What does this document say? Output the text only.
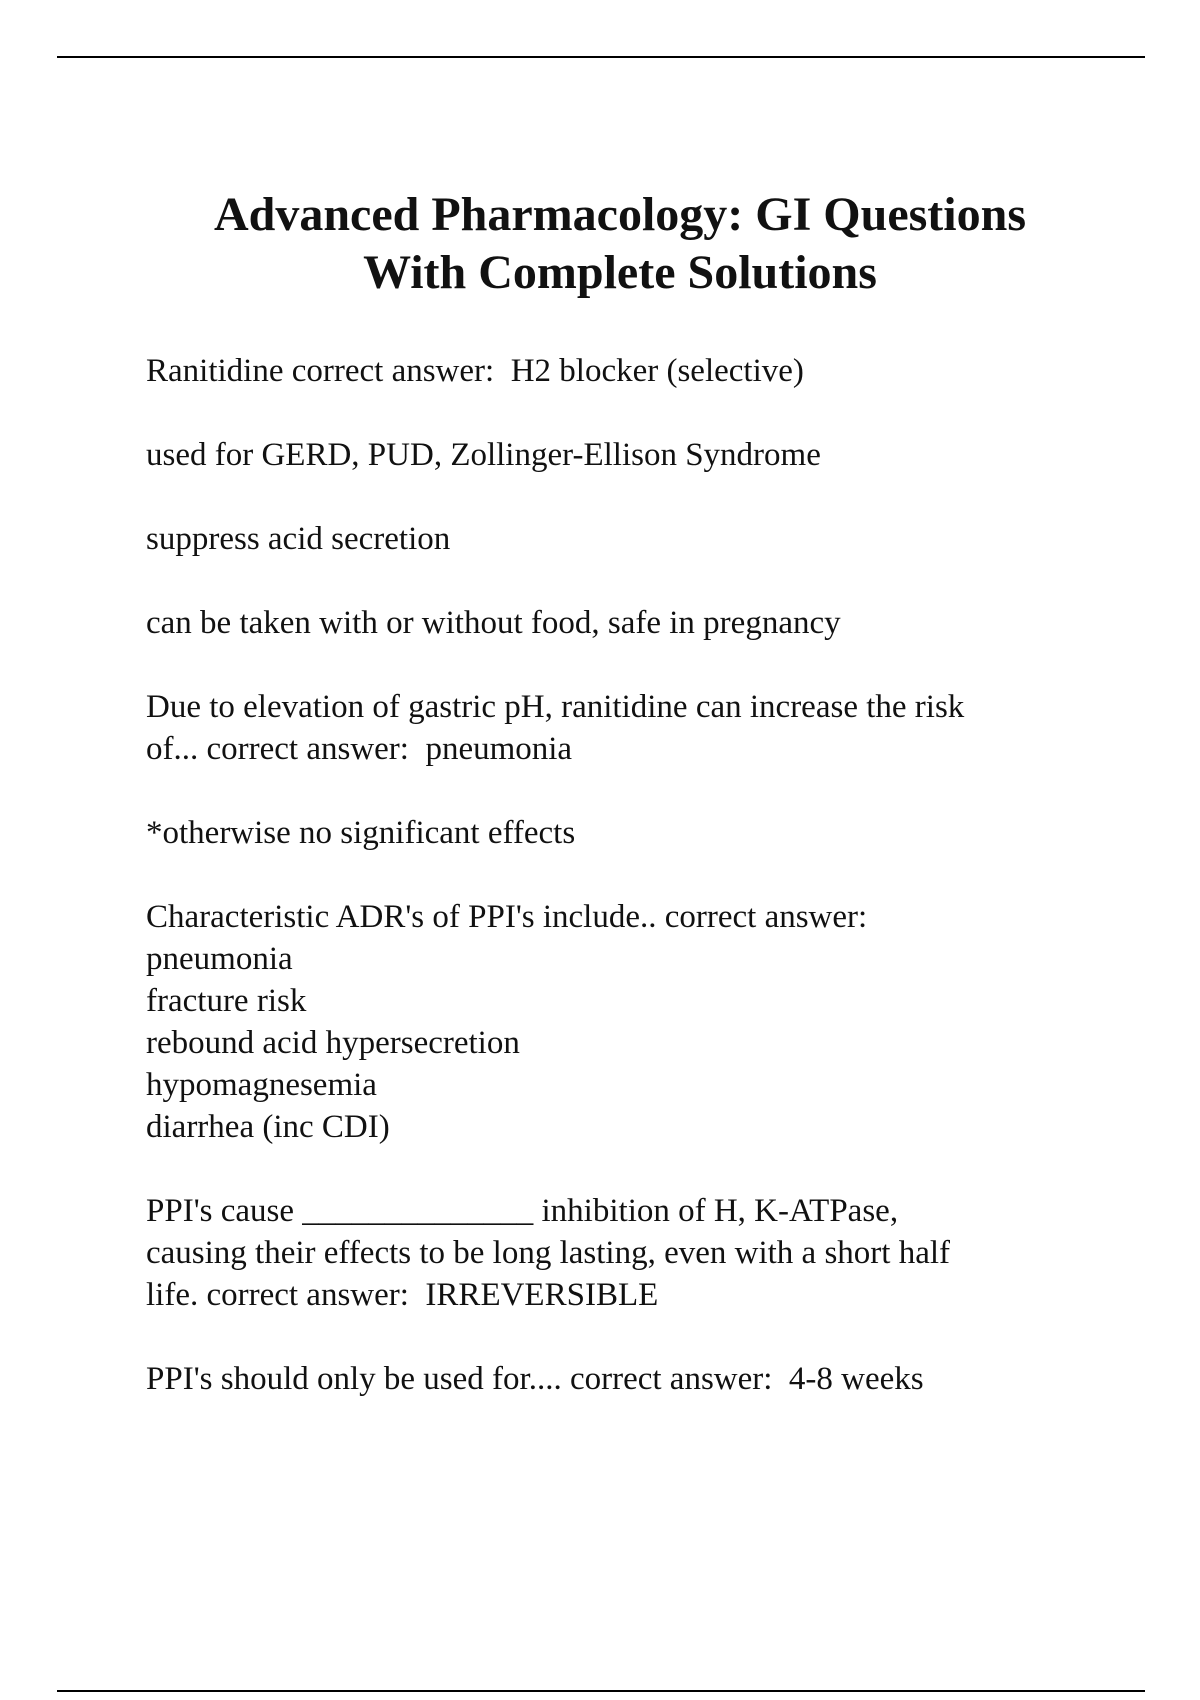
Advanced Pharmacology: GI Questions
With Complete Solutions

Ranitidine correct answer:  H2 blocker (selective)

used for GERD, PUD, Zollinger-Ellison Syndrome

suppress acid secretion

can be taken with or without food, safe in pregnancy

Due to elevation of gastric pH, ranitidine can increase the risk
of... correct answer:  pneumonia

*otherwise no significant effects

Characteristic ADR's of PPI's include.. correct answer:
pneumonia
fracture risk
rebound acid hypersecretion
hypomagnesemia
diarrhea (inc CDI)

PPI's cause ______________ inhibition of H, K-ATPase,
causing their effects to be long lasting, even with a short half
life. correct answer:  IRREVERSIBLE

PPI's should only be used for.... correct answer:  4-8 weeks
